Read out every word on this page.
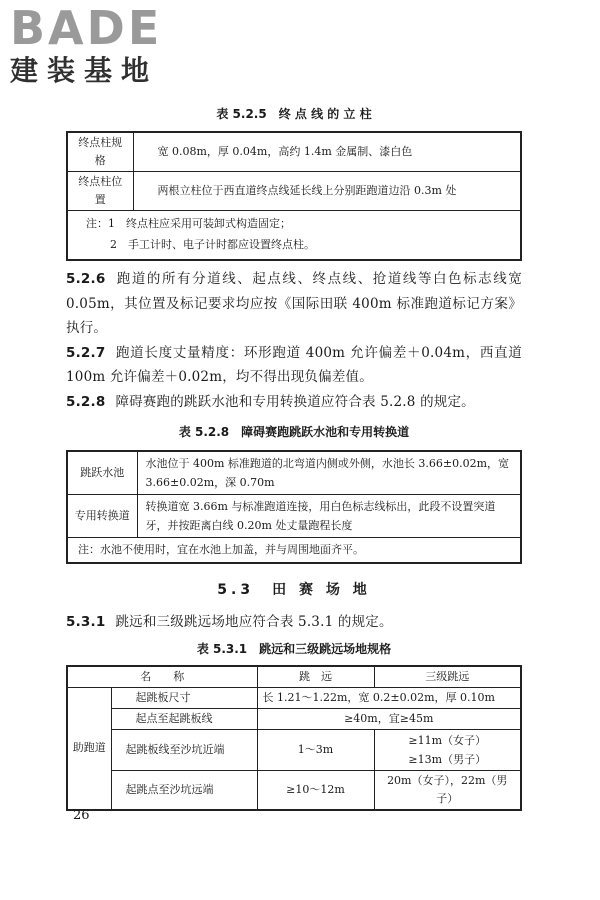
BADE
建装基地
表 5.2.5　终 点 线 的 立 柱
终点柱规格	宽 0.08m，厚 0.04m，高约 1.4m 金属制、漆白色
终点柱位置	两根立柱位于西直道终点线延长线上分别距跑道边沿 0.3m 处

注：1　终点柱应采用可装卸式构造固定；
2　手工计时、电子计时都应设置终点柱。	
5.2.6 跑道的所有分道线、起点线、终点线、抢道线等白色标志线宽 0.05m，其位置及标记要求均应按《国际田联 400m 标准跑道标记方案》执行。
5.2.7 跑道长度丈量精度：环形跑道 400m 允许偏差＋0.04m，西直道 100m 允许偏差＋0.02m，均不得出现负偏差值。
5.2.8 障碍赛跑的跳跃水池和专用转换道应符合表 5.2.8 的规定。
表 5.2.8　障碍赛跑跳跃水池和专用转换道
跳跃水池	水池位于 400m 标准跑道的北弯道内侧或外侧，水池长 3.66±0.02m，宽 3.66±0.02m，深 0.70m
专用转换道	转换道宽 3.66m 与标准跑道连接，用白色标志线标出，此段不设置突道牙，并按距离白线 0.20m 处丈量跑程长度
注：水池不使用时，宜在水池上加盖，并与周围地面齐平。	
5.3　田 赛 场 地
5.3.1 跳远和三级跳远场地应符合表 5.3.1 的规定。
表 5.3.1　跳远和三级跳远场地规格
名　　称		跳　远	三级跳远
助跑道	起跳板尺寸	长 1.21～1.22m，宽 0.2±0.02m，厚 0.10m	
	起点至起跳板线	≥40m，宜≥45m	
	起跳板线至沙坑近端	1～3m	≥11m（女子）
≥13m（男子）

	起跳点至沙坑远端	≥10～12m	20m（女子），22m（男子）
26
